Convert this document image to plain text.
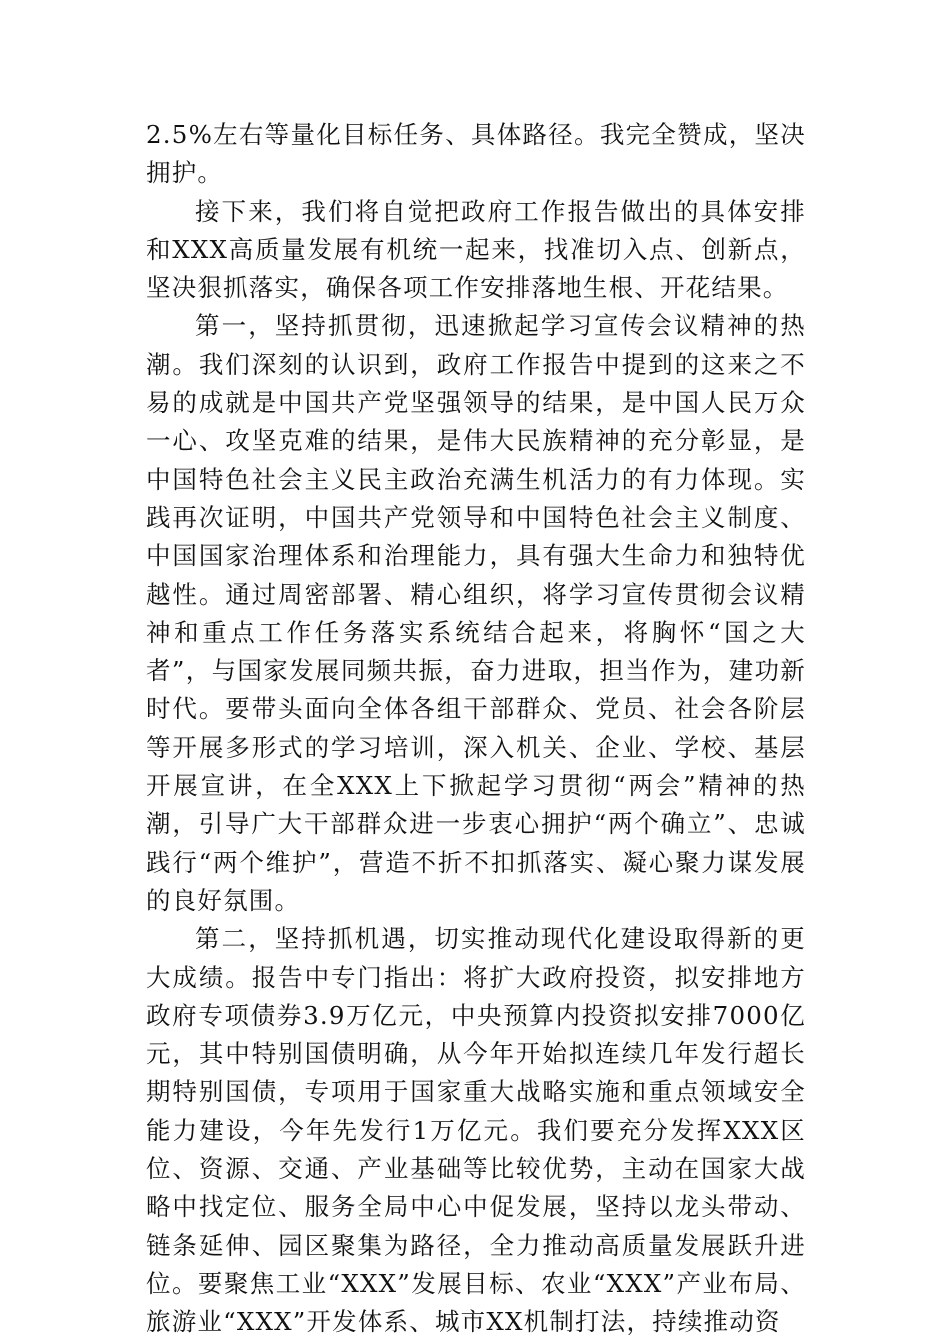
2.5%左右等量化目标任务、具体路径。我完全赞成，坚决拥护。

接下来，我们将自觉把政府工作报告做出的具体安排和XXX高质量发展有机统一起来，找准切入点、创新点，坚决狠抓落实，确保各项工作安排落地生根、开花结果。

第一，坚持抓贯彻，迅速掀起学习宣传会议精神的热潮。我们深刻的认识到，政府工作报告中提到的这来之不易的成就是中国共产党坚强领导的结果，是中国人民万众一心、攻坚克难的结果，是伟大民族精神的充分彰显，是中国特色社会主义民主政治充满生机活力的有力体现。实践再次证明，中国共产党领导和中国特色社会主义制度、中国国家治理体系和治理能力，具有强大生命力和独特优越性。通过周密部署、精心组织，将学习宣传贯彻会议精神和重点工作任务落实系统结合起来，将胸怀“国之大者”，与国家发展同频共振，奋力进取，担当作为，建功新时代。要带头面向全体各组干部群众、党员、社会各阶层等开展多形式的学习培训，深入机关、企业、学校、基层开展宣讲，在全XXX上下掀起学习贯彻“两会”精神的热潮，引导广大干部群众进一步衷心拥护“两个确立”、忠诚践行“两个维护”，营造不折不扣抓落实、凝心聚力谋发展的良好氛围。

第二，坚持抓机遇，切实推动现代化建设取得新的更大成绩。报告中专门指出：将扩大政府投资，拟安排地方政府专项债券3.9万亿元，中央预算内投资拟安排7000亿元，其中特别国债明确，从今年开始拟连续几年发行超长期特别国债，专项用于国家重大战略实施和重点领域安全能力建设，今年先发行1万亿元。我们要充分发挥XXX区位、资源、交通、产业基础等比较优势，主动在国家大战略中找定位、服务全局中心中促发展，坚持以龙头带动、链条延伸、园区聚集为路径，全力推动高质量发展跃升进位。要聚焦工业“XXX”发展目标、农业“XXX”产业布局、旅游业“XXX”开发体系、城市XX机制打法，持续推动资
